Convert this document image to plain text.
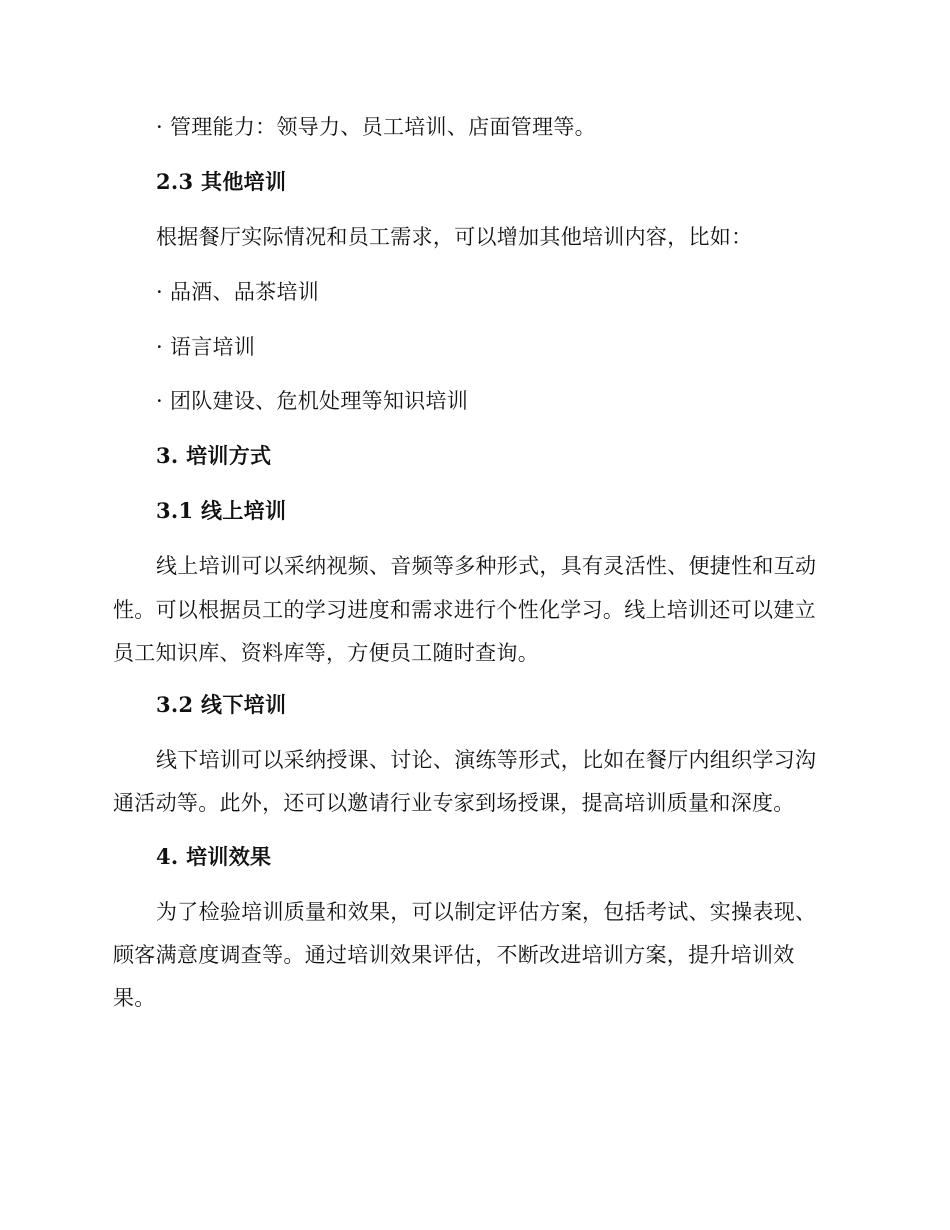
· 管理能力：领导力、员工培训、店面管理等。
2.3 其他培训
根据餐厅实际情况和员工需求，可以增加其他培训内容，比如：
· 品酒、品茶培训
· 语言培训
· 团队建设、危机处理等知识培训
3. 培训方式
3.1 线上培训
线上培训可以采纳视频、音频等多种形式，具有灵活性、便捷性和互动
性。可以根据员工的学习进度和需求进行个性化学习。线上培训还可以建立
员工知识库、资料库等，方便员工随时查询。
3.2 线下培训
线下培训可以采纳授课、讨论、演练等形式，比如在餐厅内组织学习沟
通活动等。此外，还可以邀请行业专家到场授课，提高培训质量和深度。
4. 培训效果
为了检验培训质量和效果，可以制定评估方案，包括考试、实操表现、
顾客满意度调查等。通过培训效果评估，不断改进培训方案，提升培训效
果。
